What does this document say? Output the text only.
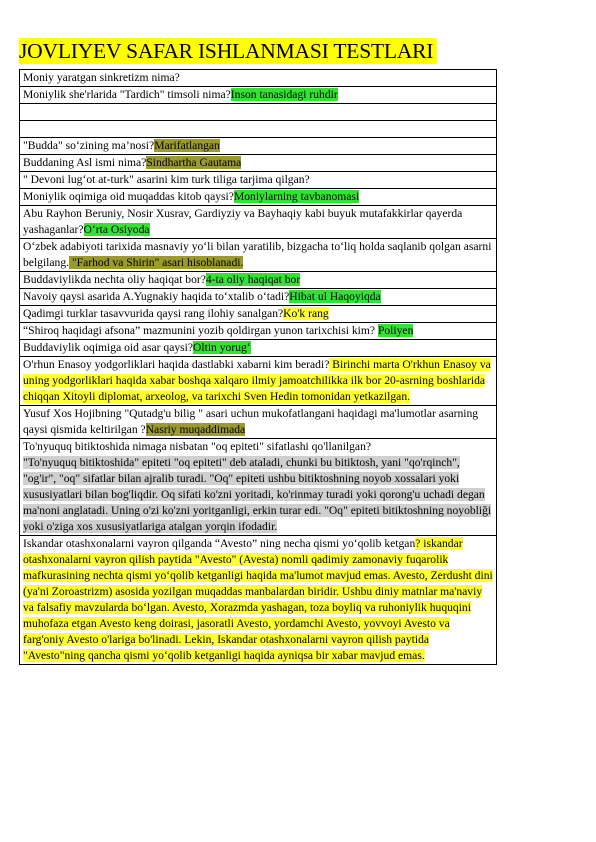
JOVLIYEV SAFAR ISHLANMASI TESTLARI
Moniy yaratgan sinkretizm nima?
Moniylik she'rlarida "Tardich" timsoli nima?Inson tanasidagi ruhdir
"Budda" so‘zining ma’nosi?Marifatlangan
Buddaning Asl ismi nima?Sindhartha Gautama
" Devoni lug‘ot at-turk" asarini kim turk tiliga tarjima qilgan?
Moniylik oqimiga oid muqaddas kitob qaysi?Moniylarning tavbanomasi
Abu Rayhon Beruniy, Nosir Xusrav, Gardiyziy va Bayhaqiy kabi buyuk mutafakkirlar qayerda yashaganlar?O‘rta Osiyoda
O‘zbek adabiyoti tarixida masnaviy yo‘li bilan yaratilib, bizgacha to‘liq holda saqlanib qolgan asarni belgilang. "Farhod va Shirin" asari hisoblanadi.
Buddaviylikda nechta oliy haqiqat bor?4-ta oliy haqiqat bor
Navoiy qaysi asarida A.Yugnakiy haqida to‘xtalib o‘tadi?Hibat ul Haqoyiqda
Qadimgi turklar tasavvurida qaysi rang ilohiy sanalgan?Ko'k rang
“Shiroq haqidagi afsona” mazmunini yozib qoldirgan yunon tarixchisi kim? Poliyen
Buddaviylik oqimiga oid asar qaysi?Oltin yorug‘
O'rhun Enasoy yodgorliklari haqida dastlabki xabarni kim beradi? Birinchi marta O'rkhun Enasoy va uning yodgorliklari haqida xabar boshqa xalqaro ilmiy jamoatchilikka ilk bor 20-asrning boshlarida chiqqan Xitoyli diplomat, arxeolog, va tarixchi Sven Hedin tomonidan yetkazilgan.
Yusuf Xos Hojibning "Qutadg'u bilig " asari uchun mukofatlangani haqidagi ma'lumotlar asarning qaysi qismida keltirilgan ?Nasriy muqaddimada
To'nyuquq bitiktoshida nimaga nisbatan "oq epiteti" sifatlashi qo'llanilgan?
"To'nyuquq bitiktoshida" epiteti "oq epiteti" deb ataladi, chunki bu bitiktosh, yani "qo'rqinch", "og'ir", "oq" sifatlar bilan ajralib turadi. "Oq" epiteti ushbu bitiktoshning noyob xossalari yoki xususiyatlari bilan bog'liqdir. Oq sifati ko'zni yoritadi, ko'rinmay turadi yoki qorong'u uchadi degan ma'noni anglatadi. Uning o'zi ko'zni yoritganligi, erkin turar edi. "Oq" epiteti bitiktoshning noyobliği yoki o'ziga xos xususiyatlariga atalgan yorqin ifodadir.
Iskandar otashxonalarni vayron qilganda “Avesto” ning necha qismi yo‘qolib ketgan? iskandar otashxonalarni vayron qilish paytida "Avesto" (Avesta) nomli qadimiy zamonaviy fuqarolik mafkurasining nechta qismi yo‘qolib ketganligi haqida ma'lumot mavjud emas. Avesto, Zerdusht dini (ya'ni Zoroastrizm) asosida yozilgan muqaddas manbalardan biridir. Ushbu diniy matnlar ma'naviy va falsafiy mavzularda bo‘lgan. Avesto, Xorazmda yashagan, toza boyliq va ruhoniylik huquqini muhofaza etgan Avesto keng doirasi, jasoratli Avesto, yordamchi Avesto, yovvoyi Avesto va farg'oniy Avesto o'lariga bo'linadi. Lekin, Iskandar otashxonalarni vayron qilish paytida "Avesto"ning qancha qismi yo‘qolib ketganligi haqida ayniqsa bir xabar mavjud emas.
